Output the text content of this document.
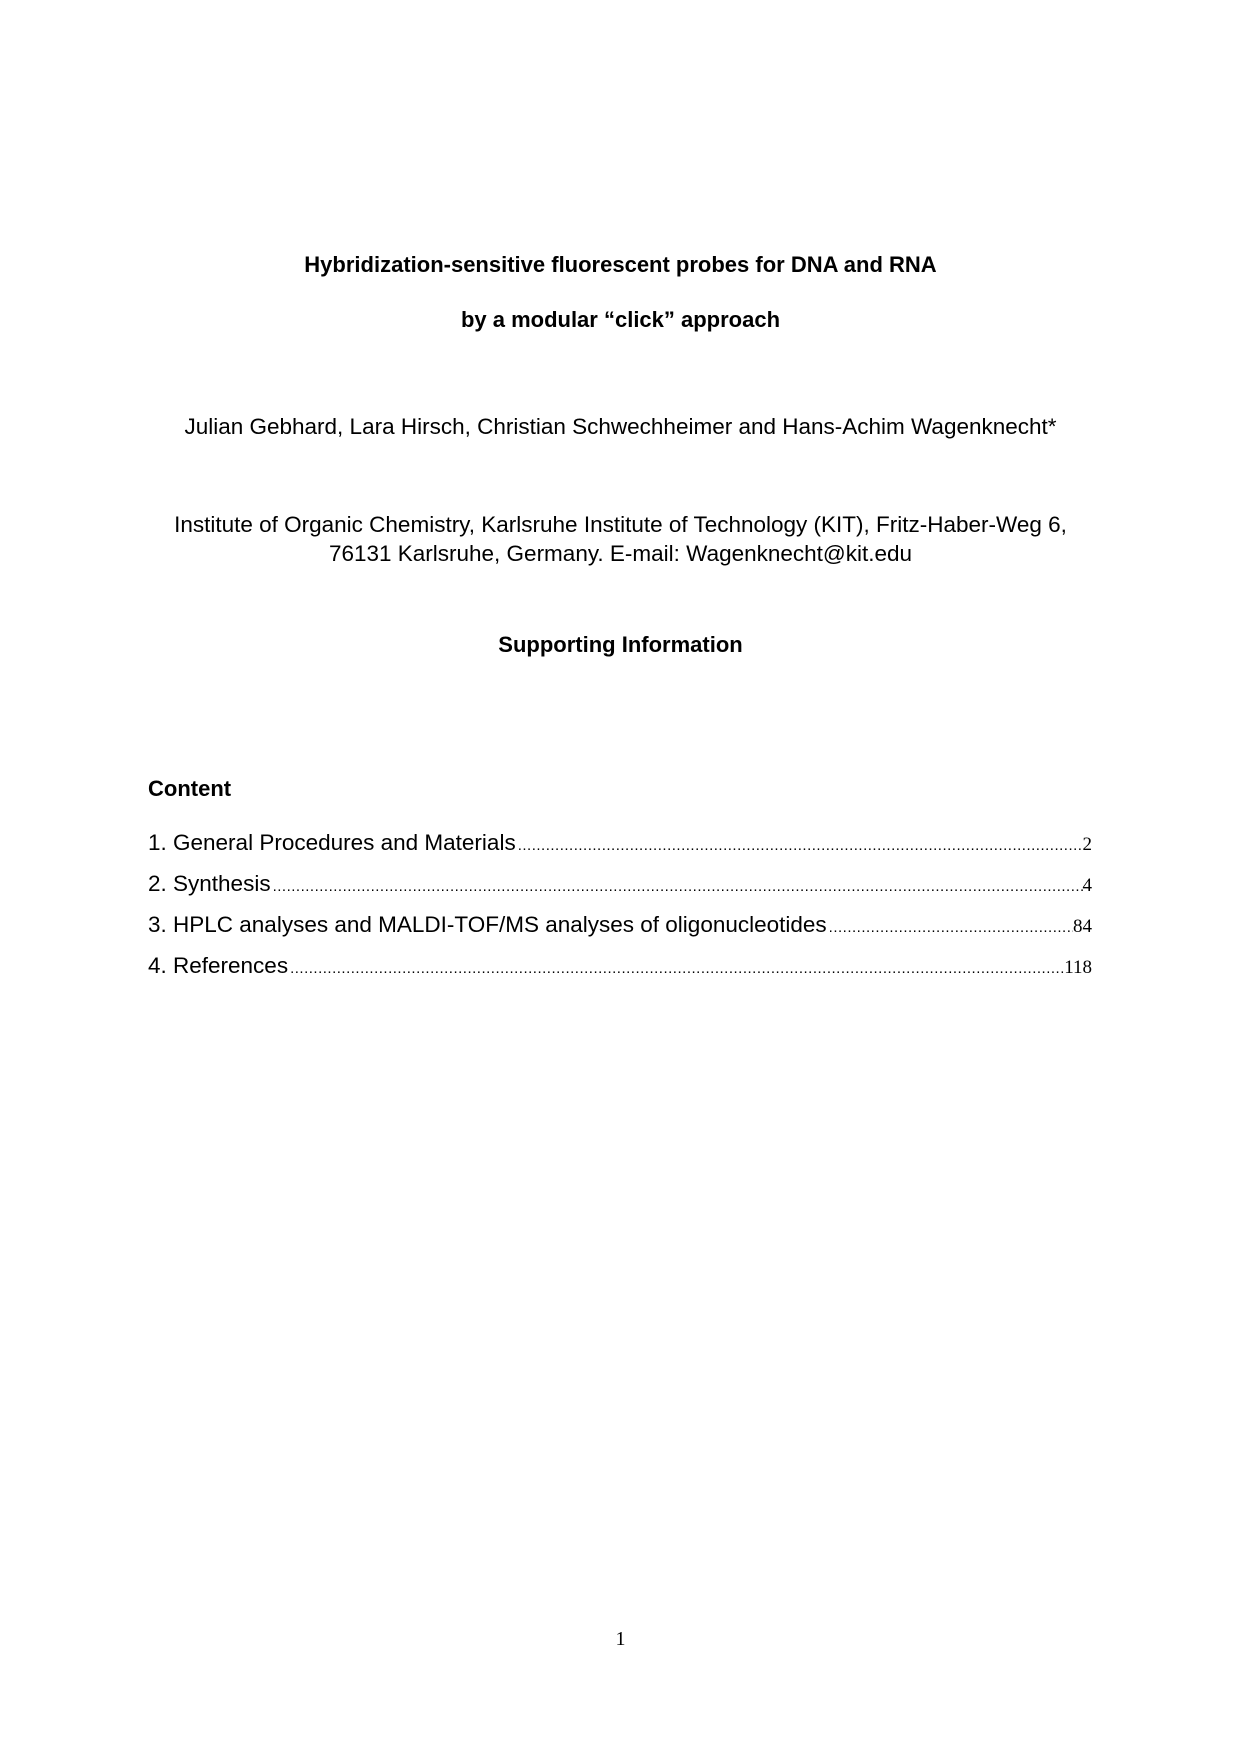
Hybridization-sensitive fluorescent probes for DNA and RNA
by a modular “click” approach
Julian Gebhard, Lara Hirsch, Christian Schwechheimer and Hans-Achim Wagenknecht*
Institute of Organic Chemistry, Karlsruhe Institute of Technology (KIT), Fritz-Haber-Weg 6,
76131 Karlsruhe, Germany. E-mail: Wagenknecht@kit.edu
Supporting Information
Content
1. General Procedures and Materials .....	2
2. Synthesis .....	4
3. HPLC analyses and MALDI-TOF/MS analyses of oligonucleotides .....	84
4. References .....	118
1
